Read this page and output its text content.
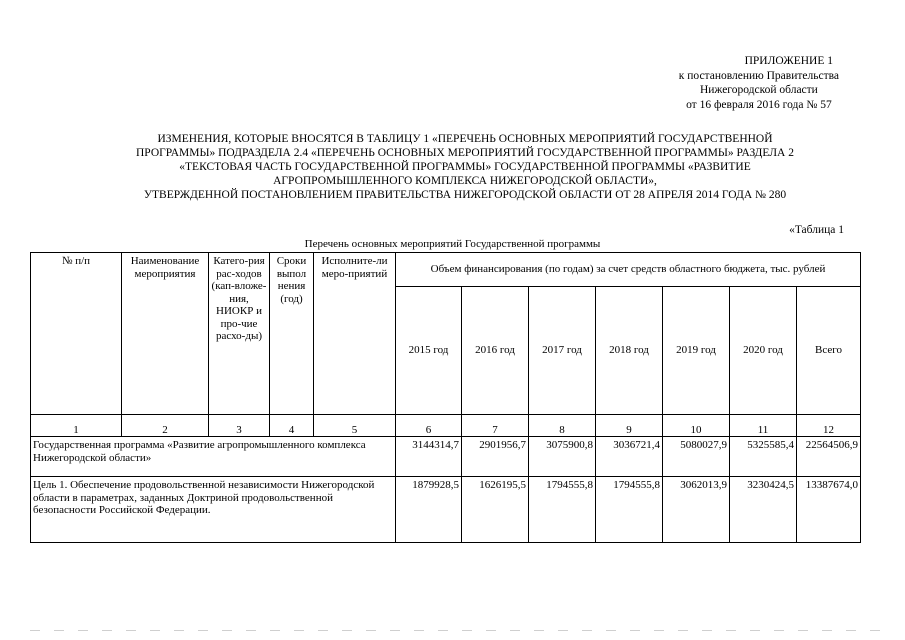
ПРИЛОЖЕНИЕ 1
к постановлению Правительства
Нижегородской области
от 16 февраля 2016 года № 57
ИЗМЕНЕНИЯ, КОТОРЫЕ ВНОСЯТСЯ В ТАБЛИЦУ 1 «ПЕРЕЧЕНЬ ОСНОВНЫХ МЕРОПРИЯТИЙ ГОСУДАРСТВЕННОЙ
ПРОГРАММЫ» ПОДРАЗДЕЛА 2.4 «ПЕРЕЧЕНЬ ОСНОВНЫХ МЕРОПРИЯТИЙ ГОСУДАРСТВЕННОЙ ПРОГРАММЫ» РАЗДЕЛА 2
«ТЕКСТОВАЯ ЧАСТЬ ГОСУДАРСТВЕННОЙ ПРОГРАММЫ» ГОСУДАРСТВЕННОЙ ПРОГРАММЫ «РАЗВИТИЕ
АГРОПРОМЫШЛЕННОГО КОМПЛЕКСА НИЖЕГОРОДСКОЙ ОБЛАСТИ»,
УТВЕРЖДЕННОЙ ПОСТАНОВЛЕНИЕМ ПРАВИТЕЛЬСТВА НИЖЕГОРОДСКОЙ ОБЛАСТИ ОТ 28 АПРЕЛЯ 2014 ГОДА № 280
«Таблица 1
Перечень основных мероприятий Государственной программы
№ п/п	Наименование мероприятия	Катего-рия рас-ходов (кап-вложе-ния, НИОКР и про-чие расхо-ды)	Сроки выпол нения (год)	Исполните-ли меро-приятий	Объем финансирования (по годам) за счет средств областного бюджета, тыс. рублей						
					2015 год	2016 год	2017 год	2018 год	2019 год	2020 год	Всего
1	2	3	4	5	6	7	8	9	10	11	12
Государственная программа «Развитие агропромышленного комплекса Нижегородской области»					3144314,7	2901956,7	3075900,8	3036721,4	5080027,9	5325585,4	22564506,9
Цель 1. Обеспечение продовольственной независимости Нижегородской области в параметрах, заданных Доктриной продовольственной безопасности Российской Федерации.					1879928,5	1626195,5	1794555,8	1794555,8	3062013,9	3230424,5	13387674,0
